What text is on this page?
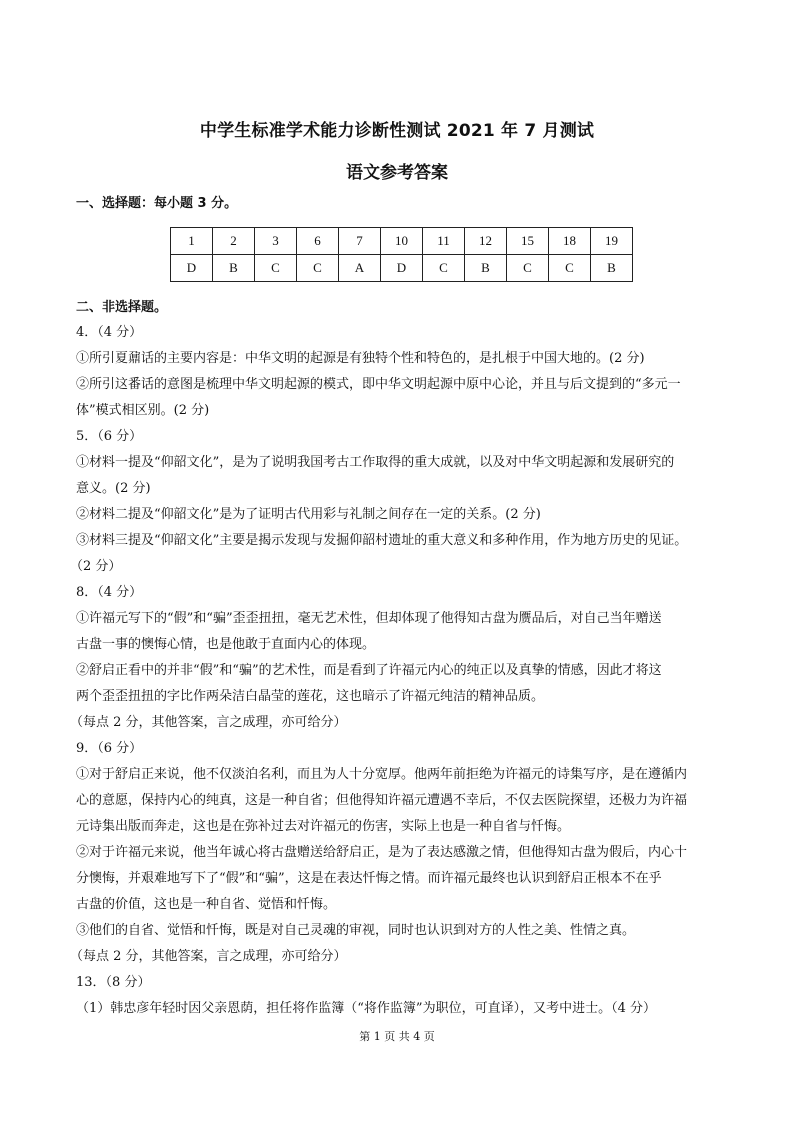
中学生标准学术能力诊断性测试 2021 年 7 月测试
语文参考答案
一、选择题：每小题 3 分。
1	2	3	6	7	10	11	12	15	18	19
D	B	C	C	A	D	C	B	C	C	B
二、非选择题。

4．（4 分）

①所引夏鼐话的主要内容是：中华文明的起源是有独特个性和特色的，是扎根于中国大地的。(2 分)

②所引这番话的意图是梳理中华文明起源的模式，即中华文明起源中原中心论，并且与后文提到的“多元一

体”模式相区别。(2 分)

5．（6 分）

①材料一提及“仰韶文化”，是为了说明我国考古工作取得的重大成就，以及对中华文明起源和发展研究的

意义。(2 分)

②材料二提及“仰韶文化”是为了证明古代用彩与礼制之间存在一定的关系。(2 分)

③材料三提及“仰韶文化”主要是揭示发现与发掘仰韶村遗址的重大意义和多种作用，作为地方历史的见证。

（2 分）

8．（4 分）

①许福元写下的“假”和“骗”歪歪扭扭，毫无艺术性，但却体现了他得知古盘为赝品后，对自己当年赠送

古盘一事的懊悔心情，也是他敢于直面内心的体现。

②舒启正看中的并非“假”和“骗”的艺术性，而是看到了许福元内心的纯正以及真挚的情感，因此才将这

两个歪歪扭扭的字比作两朵洁白晶莹的莲花，这也暗示了许福元纯洁的精神品质。

（每点 2 分，其他答案，言之成理，亦可给分）

9．（6 分）

①对于舒启正来说，他不仅淡泊名利，而且为人十分宽厚。他两年前拒绝为许福元的诗集写序，是在遵循内

心的意愿，保持内心的纯真，这是一种自省；但他得知许福元遭遇不幸后，不仅去医院探望，还极力为许福

元诗集出版而奔走，这也是在弥补过去对许福元的伤害，实际上也是一种自省与忏悔。

②对于许福元来说，他当年诚心将古盘赠送给舒启正，是为了表达感激之情，但他得知古盘为假后，内心十

分懊悔，并艰难地写下了“假”和“骗”，这是在表达忏悔之情。而许福元最终也认识到舒启正根本不在乎

古盘的价值，这也是一种自省、觉悟和忏悔。

③他们的自省、觉悟和忏悔，既是对自己灵魂的审视，同时也认识到对方的人性之美、性情之真。

（每点 2 分，其他答案，言之成理，亦可给分）

13．（8 分）

（1）韩忠彦年轻时因父亲恩荫，担任将作监簿（“将作监簿”为职位，可直译），又考中进士。（4 分）

第 1 页 共 4 页
